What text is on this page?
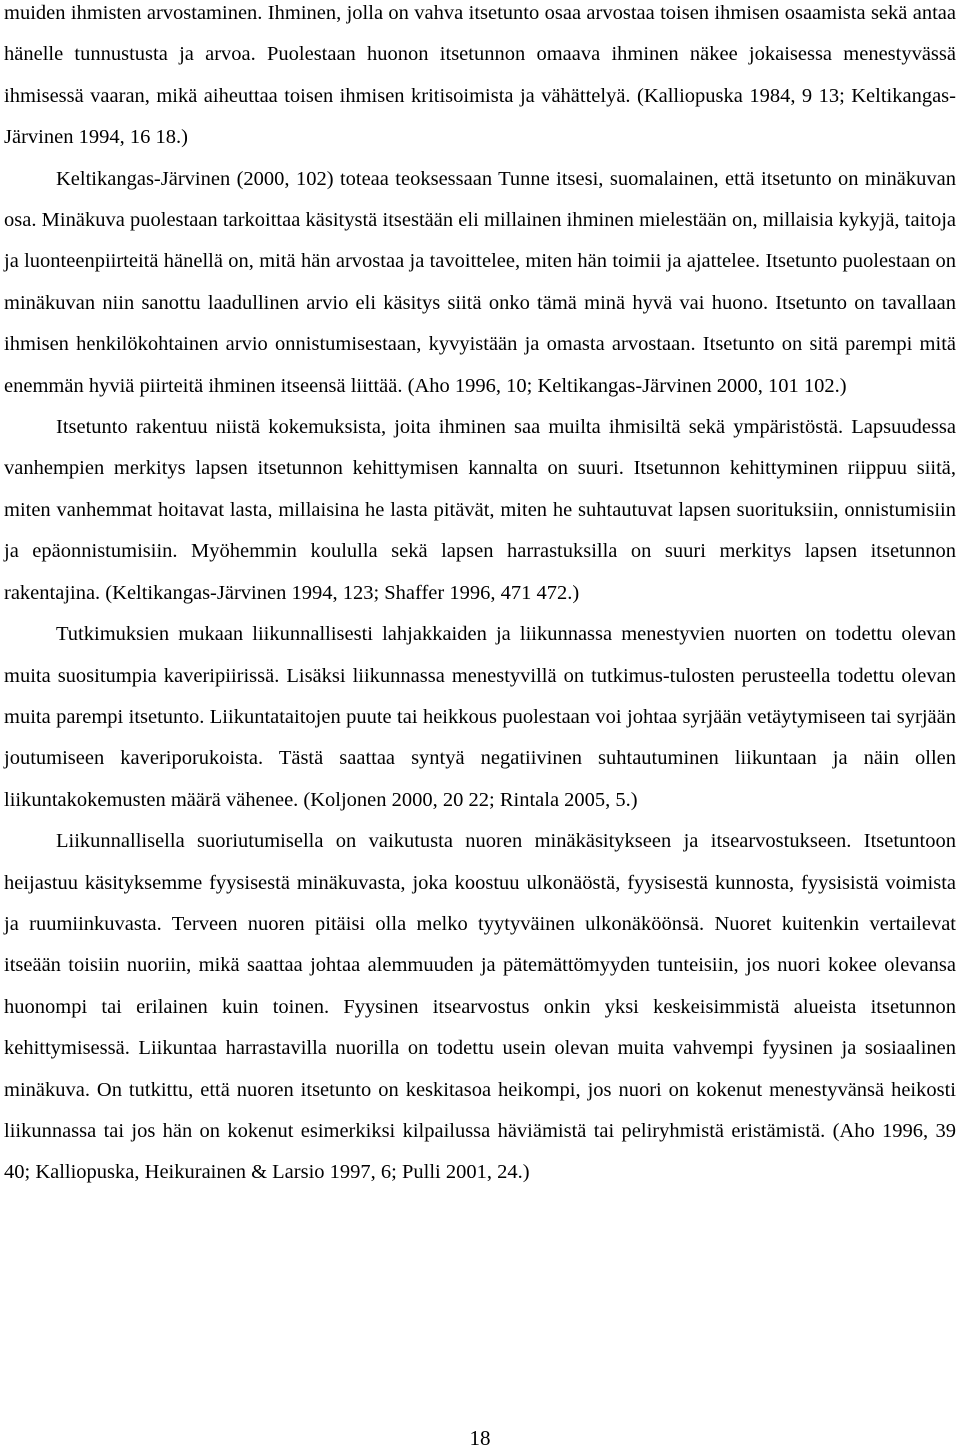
muiden ihmisten arvostaminen. Ihminen, jolla on vahva itsetunto osaa arvostaa toisen ihmisen osaamista sekä antaa hänelle tunnustusta ja arvoa. Puolestaan huonon itsetunnon omaava ihminen näkee jokaisessa menestyvässä ihmisessä vaaran, mikä aiheuttaa toisen ihmisen kritisoimista ja vähättelyä. (Kalliopuska 1984, 9 13; Keltikangas-Järvinen 1994, 16 18.)

Keltikangas-Järvinen (2000, 102) toteaa teoksessaan Tunne itsesi, suomalainen, että itsetunto on minäkuvan osa. Minäkuva puolestaan tarkoittaa käsitystä itsestään eli millainen ihminen mielestään on, millaisia kykyjä, taitoja ja luonteenpiirteitä hänellä on, mitä hän arvostaa ja tavoittelee, miten hän toimii ja ajattelee. Itsetunto puolestaan on minäkuvan niin sanottu laadullinen arvio eli käsitys siitä onko tämä minä hyvä vai huono. Itsetunto on tavallaan ihmisen henkilökohtainen arvio onnistumisestaan, kyvyistään ja omasta arvostaan. Itsetunto on sitä parempi mitä enemmän hyviä piirteitä ihminen itseensä liittää. (Aho 1996, 10; Keltikangas-Järvinen 2000, 101 102.)

Itsetunto rakentuu niistä kokemuksista, joita ihminen saa muilta ihmisiltä sekä ympäristöstä. Lapsuudessa vanhempien merkitys lapsen itsetunnon kehittymisen kannalta on suuri. Itsetunnon kehittyminen riippuu siitä, miten vanhemmat hoitavat lasta, millaisina he lasta pitävät, miten he suhtautuvat lapsen suorituksiin, onnistumisiin ja epäonnistumisiin. Myöhemmin koululla sekä lapsen harrastuksilla on suuri merkitys lapsen itsetunnon rakentajina. (Keltikangas-Järvinen 1994, 123; Shaffer 1996, 471 472.)

Tutkimuksien mukaan liikunnallisesti lahjakkaiden ja liikunnassa menestyvien nuorten on todettu olevan muita suositumpia kaveripiirissä. Lisäksi liikunnassa menestyvillä on tutkimus-tulosten perusteella todettu olevan muita parempi itsetunto. Liikuntataitojen puute tai heikkous puolestaan voi johtaa syrjään vetäytymiseen tai syrjään joutumiseen kaveriporukoista. Tästä saattaa syntyä negatiivinen suhtautuminen liikuntaan ja näin ollen liikuntakokemusten määrä vähenee. (Koljonen 2000, 20 22; Rintala 2005, 5.)

Liikunnallisella suoriutumisella on vaikutusta nuoren minäkäsitykseen ja itsearvostukseen. Itsetuntoon heijastuu käsityksemme fyysisestä minäkuvasta, joka koostuu ulkonäöstä, fyysisestä kunnosta, fyysisistä voimista ja ruumiinkuvasta. Terveen nuoren pitäisi olla melko tyytyväinen ulkonäköönsä. Nuoret kuitenkin vertailevat itseään toisiin nuoriin, mikä saattaa johtaa alemmuuden ja pätemättömyyden tunteisiin, jos nuori kokee olevansa huonompi tai erilainen kuin toinen. Fyysinen itsearvostus onkin yksi keskeisimmistä alueista itsetunnon kehittymisessä. Liikuntaa harrastavilla nuorilla on todettu usein olevan muita vahvempi fyysinen ja sosiaalinen minäkuva. On tutkittu, että nuoren itsetunto on keskitasoa heikompi, jos nuori on kokenut menestyvänsä heikosti liikunnassa tai jos hän on kokenut esimerkiksi kilpailussa häviämistä tai peliryhmistä eristämistä. (Aho 1996, 39 40; Kalliopuska, Heikurainen & Larsio 1997, 6; Pulli 2001, 24.)

18
